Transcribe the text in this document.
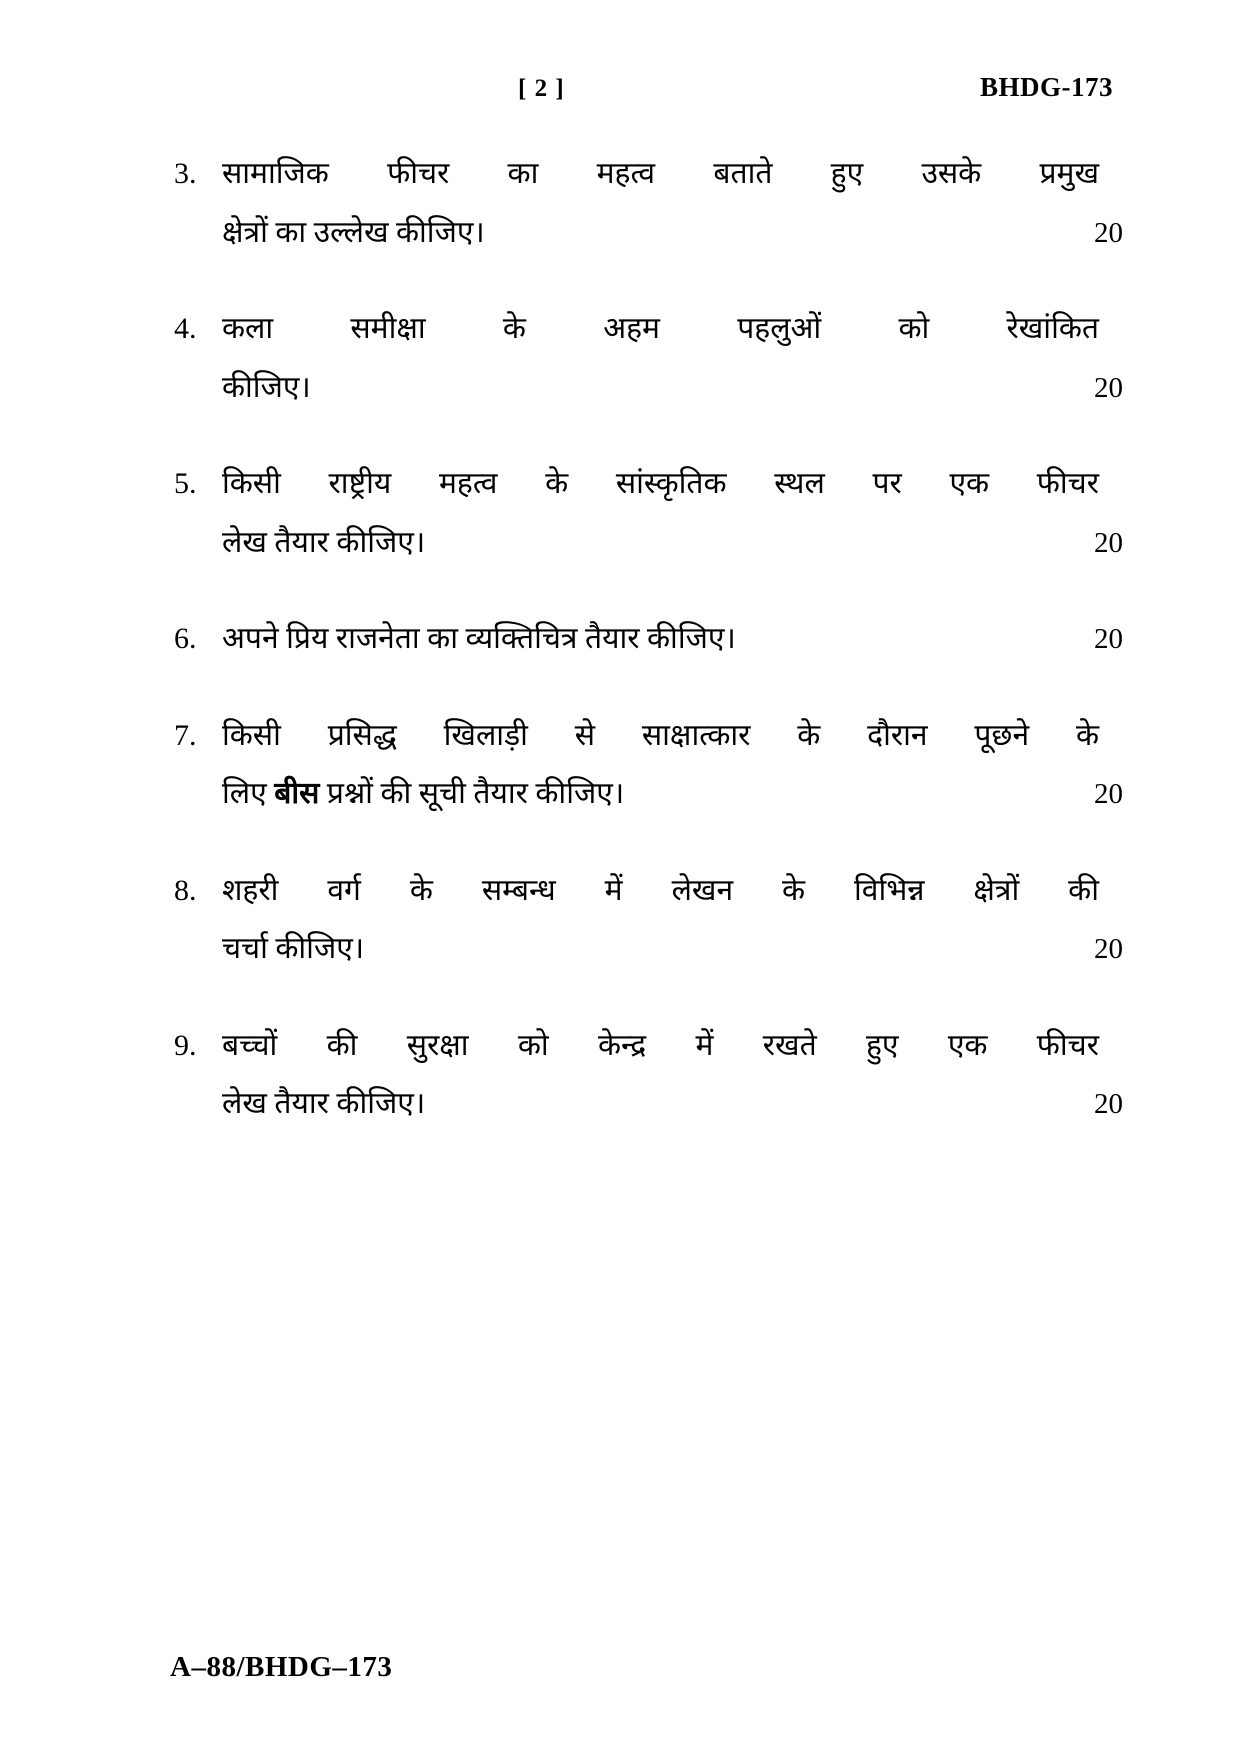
[ 2 ]	BHDG-173
3. सामाजिक फीचर का महत्व बताते हुए उसके प्रमुख
क्षेत्रों का उल्लेख कीजिए।	20
4. कला समीक्षा के अहम पहलुओं को रेखांकित
कीजिए।	20
5. किसी राष्ट्रीय महत्व के सांस्कृतिक स्थल पर एक फीचर
लेख तैयार कीजिए।	20
6. अपने प्रिय राजनेता का व्यक्तिचित्र तैयार कीजिए।	20
7. किसी प्रसिद्ध खिलाड़ी से साक्षात्कार के दौरान पूछने के
लिए बीस प्रश्नों की सूची तैयार कीजिए।	20
8. शहरी वर्ग के सम्बन्ध में लेखन के विभिन्न क्षेत्रों की
चर्चा कीजिए।	20
9. बच्चों की सुरक्षा को केन्द्र में रखते हुए एक फीचर
लेख तैयार कीजिए।	20
A–88/BHDG–173
